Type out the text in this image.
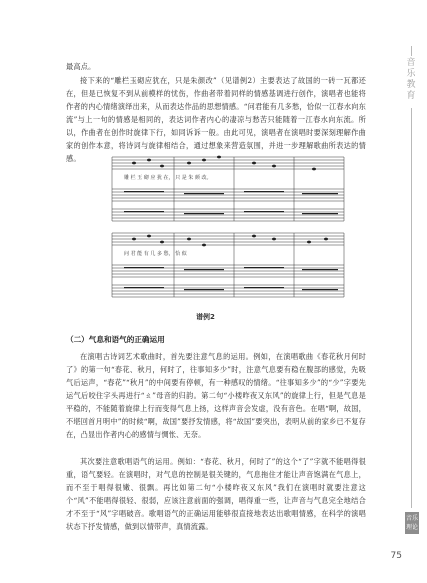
音乐教育
音乐理论
最高点。
接下来的“雕栏玉砌应犹在，只是朱颜改”（见谱例2）主要表达了故国的一砖一瓦都还在，但是已恢复不到从前模样的忧伤，作曲者带着同样的情感基调进行创作，演唱者也能将作者的内心情绪演绎出来，从而表达作品的思想情感。“问君能有几多愁，恰似一江春水向东流”与上一句的情感是相同的，表达词作者内心的凄凉与愁苦只能随着一江春水向东流。所以，作曲者在创作时旋律下行，如同诉诉一般。由此可见，演唱者在演唱时要深刻理解作曲家的创作本意，将诗词与旋律相结合，通过想象来营造氛围，并进一步理解歌曲所表达的情感。
雕 栏 玉 砌 应 犹 在， 只 是 朱 颜 改。
问 君 能 有 几 多 愁， 恰 似
谱例2
（二）气息和语气的正确运用
在演唱古诗词艺术歌曲时，首先要注意气息的运用。例如，在演唱歌曲《春花秋月何时了》的第一句“春花、秋月，何时了，往事知多少”时，注意气息要有稳在腹部的感觉，先吸气后运声，“春花”“秋月”的中间要有停顿，有一种感叹的情绪。“往事知多少”的“少”字要先运气后咬住字头再进行“ㄠ”母音的归韵。第二句“小楼昨夜又东风”的旋律上行，但是气息是平稳的，不能随着旋律上行而变得气息上扬，这样声音会发虚，没有音色。在唱“啊，故国，不堪回首月明中”的时候“啊，故国”要抒发情感，将“故国”要突出，表明从前的家乡已不复存在，凸显出作者内心的感情与惆怅、无奈。
其次要注意歌唱语气的运用。例如：“春花、秋月，何时了”的这个“了”字就不能唱得很重，语气要轻。在演唱时，对气息的控制是很关键的，气息拖住才能让声音饱满在气息上，而不至于唱得很嫩、很飘。再比如第二句“小楼昨夜又东风”我们在演唱时就要注意这个“风”不能唱得很轻、很弱，应该注意前面的强调，唱得重一些，让声音与气息完全地结合才不至于“风”字唱破音。歌唱语气的正确运用能够很直接地表达出歌唱情感，在科学的演唱状态下抒发情感，做到以情带声，真情流露。
75
